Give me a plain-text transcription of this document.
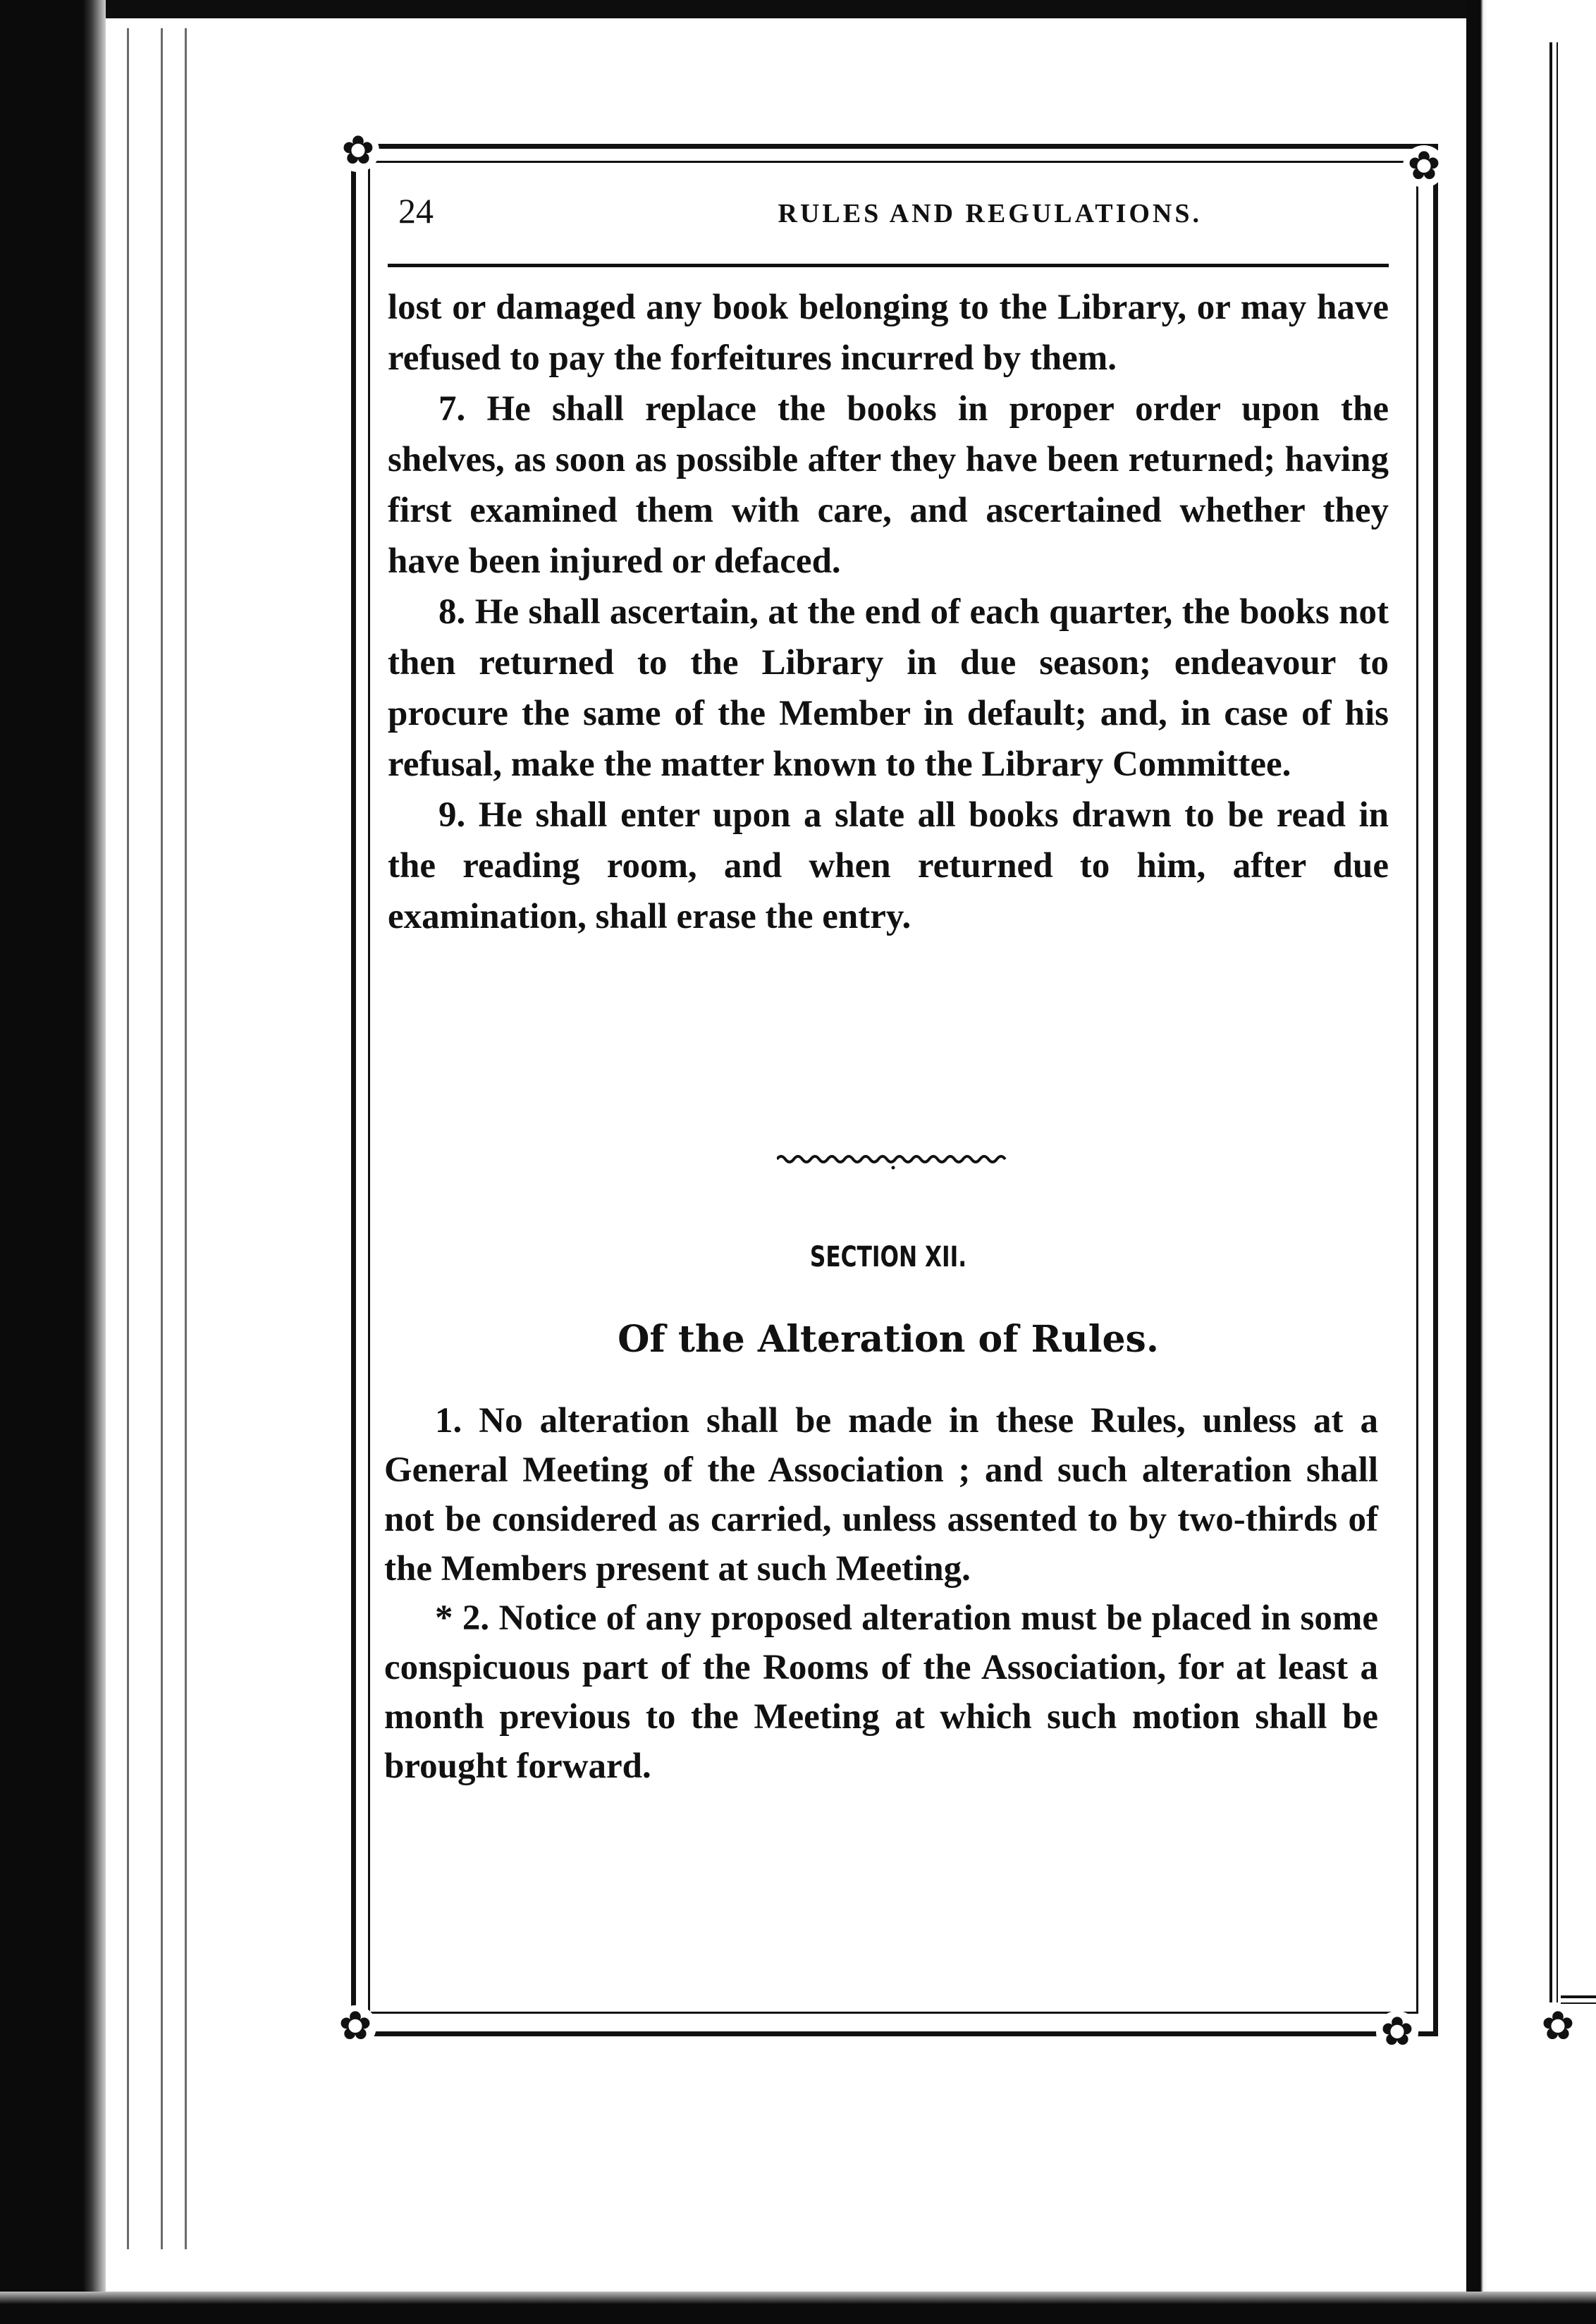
✿
✿	✿
✿	✿
24	RULES AND REGULATIONS.

lost or damaged any book belonging to the Library, or may have refused to pay the forfeitures incurred by them.

7. He shall replace the books in proper order upon the shelves, as soon as possible after they have been returned; having first examined them with care, and ascertained whether they have been injured or defaced.

8. He shall ascertain, at the end of each quarter, the books not then returned to the Library in due season; endeavour to procure the same of the Member in default; and, in case of his refusal, make the matter known to the Library Committee.

9. He shall enter upon a slate all books drawn to be read in the reading room, and when returned to him, after due examination, shall erase the entry.

SECTION XII.
Of the Alteration of Rules.

1. No alteration shall be made in these Rules, unless at a General Meeting of the Association ; and such alteration shall not be considered as carried, unless assented to by two-thirds of the Members present at such Meeting.

* 2. Notice of any proposed alteration must be placed in some conspicuous part of the Rooms of the Association, for at least a month previous to the Meeting at which such motion shall be brought forward.
